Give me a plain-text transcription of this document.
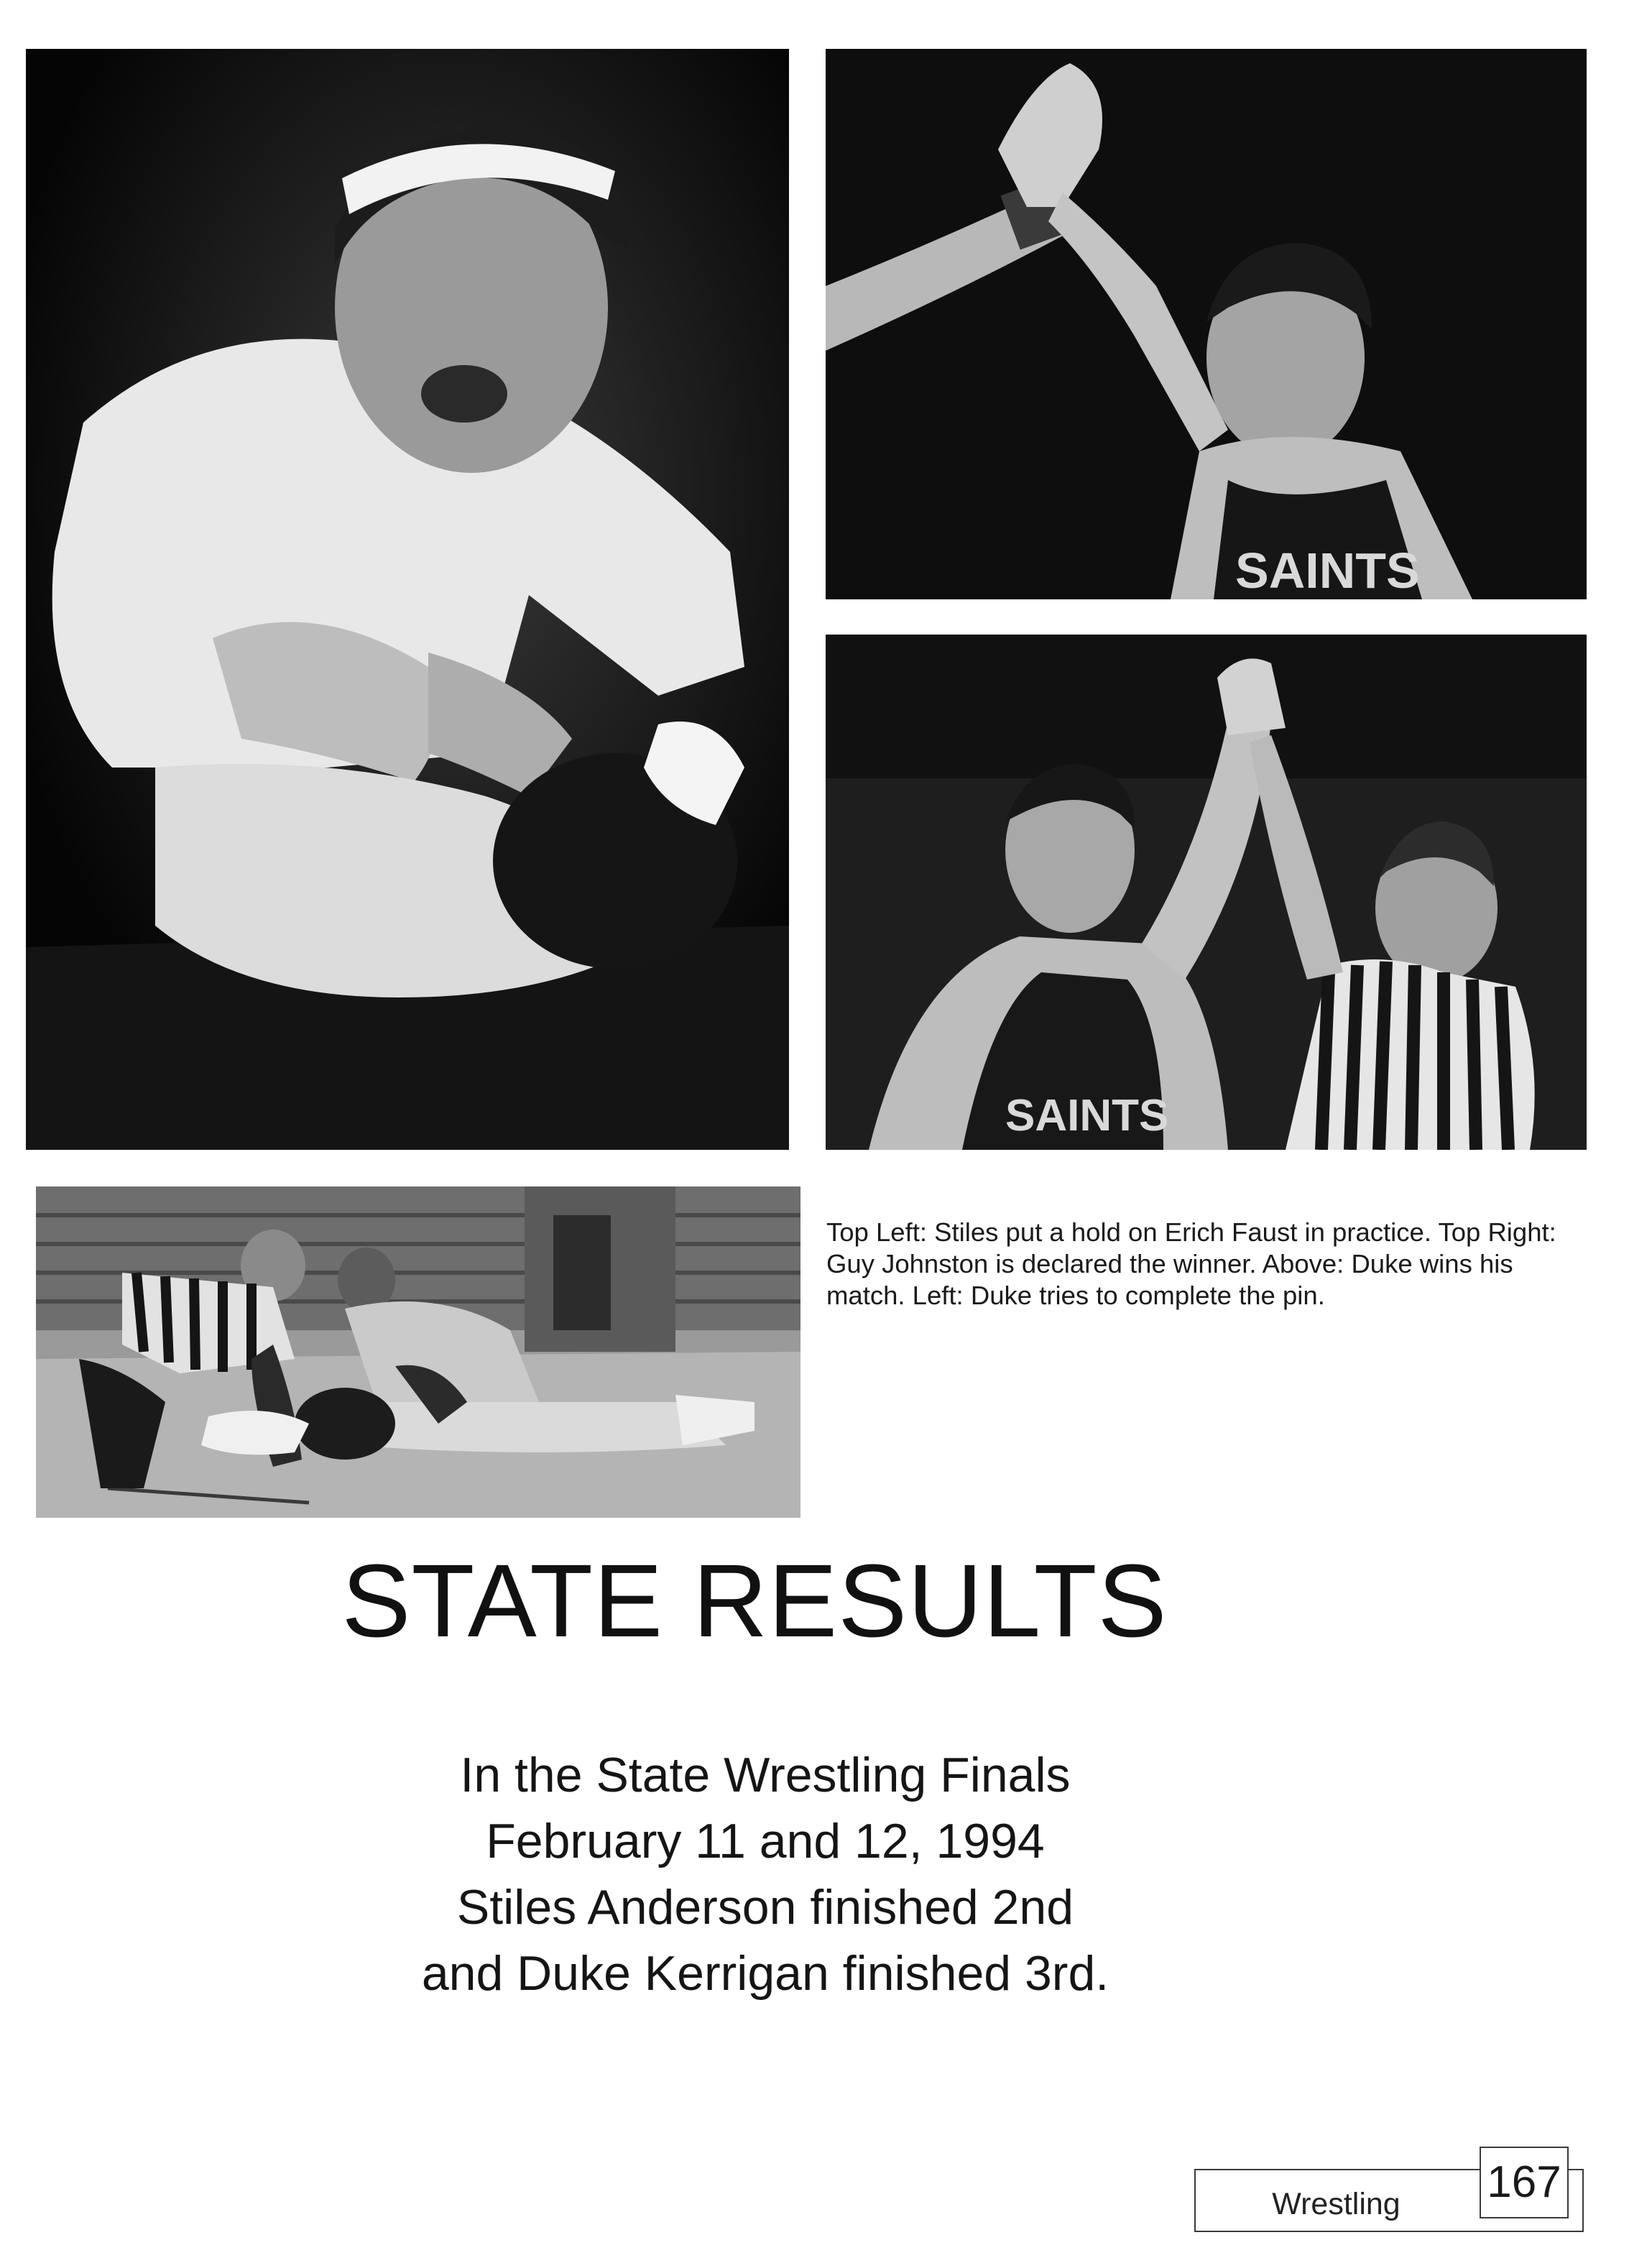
SAINTS
SAINTS

Top Left: Stiles put a hold on Erich Faust in practice. Top Right: Guy Johnston is declared the winner. Above: Duke wins his match. Left: Duke tries to complete the pin.

STATE RESULTS
In the State Wrestling Finals
February 11 and 12, 1994
Stiles Anderson finished 2nd
and Duke Kerrigan finished 3rd.
Wrestling	167
